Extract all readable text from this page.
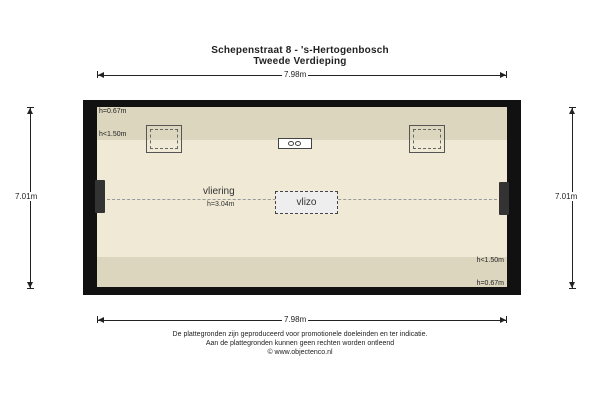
Schepenstraat 8 - 's-Hertogenbosch
Tweede Verdieping
7.98m
7.98m
7.01m	7.01m
h=0.67m
h<1.50m
h<1.50m
h=0.67m
vliering
h=3.04m	vlizo
De plattegronden zijn geproduceerd voor promotionele doeleinden en ter indicatie.
Aan de plattegronden kunnen geen rechten worden ontleend
© www.objectenco.nl
